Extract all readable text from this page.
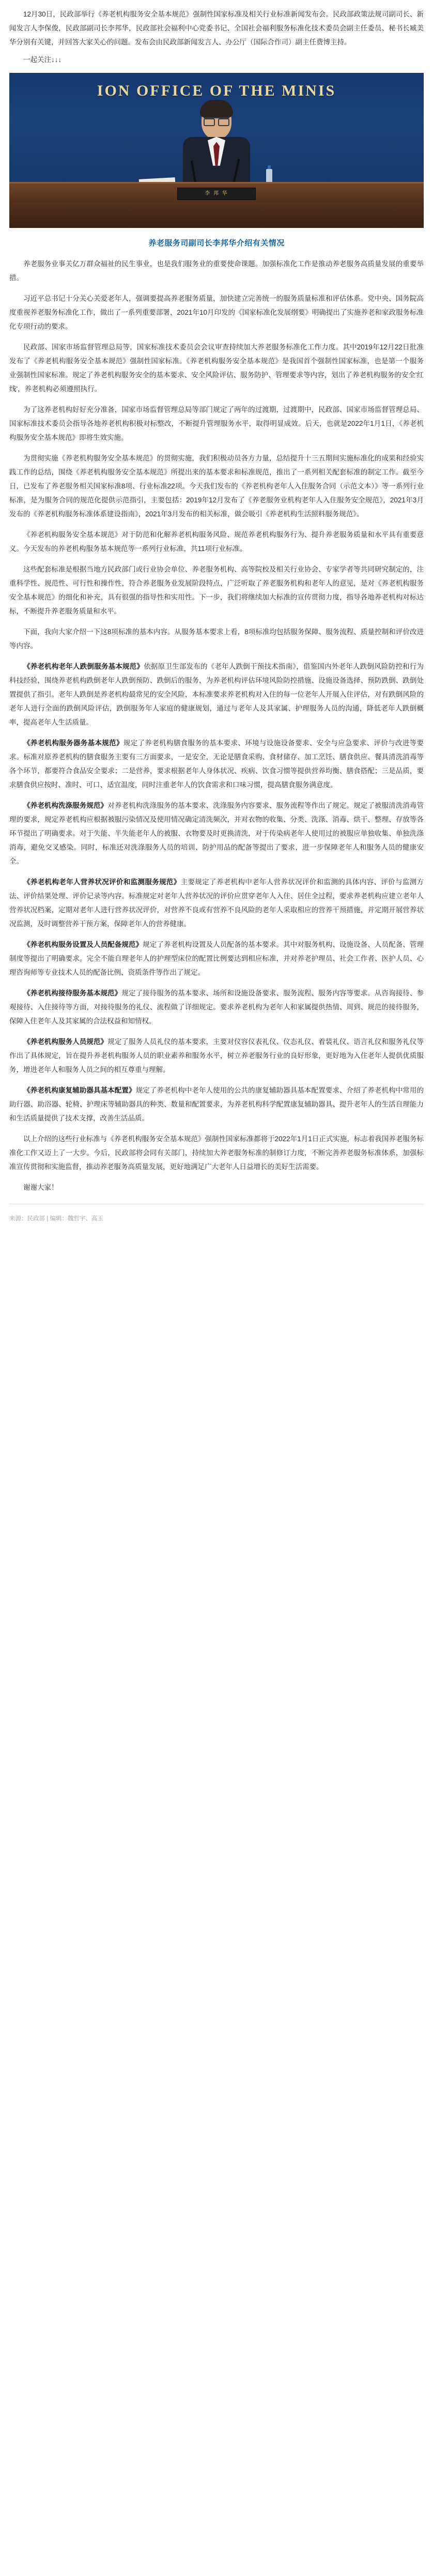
12月30日，民政部举行《养老机构服务安全基本规范》强制性国家标准及相关行业标准新闻发布会。民政部政策法规司副司长、新闻发言人李保俊，民政部副司长李邦华，民政部社会福利中心党委书记、全国社会福利服务标准化技术委员会副主任委员、秘书长臧美华分别有关键，并回答大家关心的问题。发布会由民政部新闻发言人、办公厅（国际合作司）副主任费博主持。

一起关注↓↓↓
ION OFFICE OF THE MINIS
李 邦 华
养老服务司副司长李邦华介绍有关情况

养老服务业事关亿万群众福祉的民生事业，也是我们服务业的重要使命课题。加强标准化工作是推动养老服务高质量发展的重要举措。

习近平总书记十分关心关爱老年人，强调要提高养老服务质量，加快建立完善统一的服务质量标准和评估体系。党中央、国务院高度重视养老服务标准化工作，做出了一系列重要部署，2021年10月印发的《国家标准化发展纲要》明确提出了实施养老和家政服务标准化专项行动的要求。

民政部、国家市场监督管理总局等，国家标准技术委员会会议审查持续加大养老服务标准化工作力度。其中2019年12月22日批准发布了《养老机构服务安全基本规范》强制性国家标准。《养老机构服务安全基本规范》是我国首个强制性国家标准，也是第一个服务业强制性国家标准。规定了养老机构服务安全的基本要求、安全风险评估、服务防护、管理要求等内容，划出了养老机构服务的安全'红线'，养老机构必须遵照执行。

为了这养老机构好好充分准备，国家市场监督管理总局等部门规定了两年的过渡期，过渡期中，民政部、国家市场监督管理总局、国家标准技术委员会指导各地养老机构积极对标整改，不断提升管理服务水平，取得明显成效。后天，也就是2022年1月1日，《养老机构服务安全基本规范》即将生效实施。

为贯彻实施《养老机构服务安全基本规范》的贯彻实施，我们积极动员各方力量，总结提升十三五期间实施标准化的成果和经验实践工作的总结，围绕《养老机构服务安全基本规范》所提出来的基本要求和标准规范，推出了一系列相关配套标准的制定工作。截至今日，已发布了养老服务相关国家标准8项、行业标准22项。今天我们发布的《养老机构老年人入住服务合同（示范文本）》等一系列行业标准，是为服务合同的规范化提供示范指引，主要包括：2019年12月发布了《养老服务业机构老年人入住服务安全规范》，2021年3月发布的《养老机构服务标准体系建设指南》，2021年3月发布的相关标准，做会吸引《养老机构生活照料服务规范》。

《养老机构服务安全基本规范》对于防范和化解养老机构服务风险、规范养老机构服务行为、提升养老服务质量和水平具有重要意义。今天发布的养老机构服务基本规范等一系列行业标准，共11项行业标准。

这些配套标准是根据当地方民政部门或行业协会单位、养老服务机构、高等院校及相关行业协会、专家学者等共同研究制定的，注重科学性、规范性、可行性和操作性，符合养老服务业发展阶段特点，广泛听取了养老服务机构和老年人的意见，是对《养老机构服务安全基本规范》的细化和补充，具有很强的指导性和实用性。下一步，我们将继续加大标准的宣传贯彻力度，指导各地养老机构对标达标，不断提升养老服务质量和水平。

下面，我向大家介绍一下这8项标准的基本内容。从服务基本要求上看，8项标准均包括服务保障、服务流程、质量控制和评价改进等内容。

《养老机构老年人跌倒服务基本规范》依据原卫生部发布的《老年人跌倒干预技术指南》，借鉴国内外老年人跌倒风险防控和行为科技经验，围绕养老机构跌倒老年人跌倒预防、跌倒后的服务，为养老机构评估环境风险防控措施、设施设备选择、预防跌倒、跌倒处置提供了指引。老年人跌倒是养老机构最常见的安全风险，本标准要求养老机构对入住的每一位老年人开展入住评估，对有跌倒风险的老年人进行全面的跌倒风险评估，跌倒服务年人家庭的健康规划，通过与老年人及其家属、护理服务人员的沟通，降低老年人跌倒概率，提高老年人生活质量。

《养老机构服务器务基本规范》规定了养老机构膳食服务的基本要求、环境与设施设备要求、安全与应急要求、评价与改进等要求。标准对原养老机构的膳食服务主要有三方面要求，一是安全，无论是膳食采购、食材储存、加工烹饪、膳食供应、餐具清洗消毒等各个环节，都要符合食品安全要求；二是营养，要求根据老年人身体状况、疾病、饮食习惯等提供营养均衡、膳食搭配；三是品质，要求膳食供应按时、准时、可口、适宜温度，同时注重老年人的饮食需求和口味习惯，提高膳食服务满意度。

《养老机构洗涤服务规范》对养老机构洗涤服务的基本要求、洗涤服务内容要求、服务流程等作出了规定。规定了被服清洗消毒管理的要求，规定养老机构应根据被服污染情况及使用情况确定清洗频次，并对衣物的收集、分类、洗涤、消毒、烘干、整理、存放等各环节提出了明确要求。对于失能、半失能老年人的被服、衣物要及时更换清洗，对于传染病老年人使用过的被服应单独收集、单独洗涤消毒，避免交叉感染。同时，标准还对洗涤服务人员的培训、防护用品的配备等提出了要求，进一步保障老年人和服务人员的健康安全。

《养老机构老年人营养状况评价和监测服务规范》主要规定了养老机构中老年人营养状况评价和监测的具体内容、评价与监测方法、评价结果处理、评价记录等内容。标准规定对老年人营养状况的评价应贯穿老年人入住、居住全过程，要求养老机构应建立老年人营养状况档案，定期对老年人进行营养状况评价，对营养不良或有营养不良风险的老年人采取相应的营养干预措施，并定期开展营养状况监测，及时调整营养干预方案，保障老年人的营养健康。

《养老机构服务设置及人员配备规范》规定了养老机构设置及人员配备的基本要求。其中对服务机构、设施设备、人员配备、管理制度等提出了明确要求。完全不能自理老年人的护理型床位的配置比例要达到相应标准，并对养老护理员、社会工作者、医护人员、心理咨询师等专业技术人员的配备比例、资质条件等作出了规定。

《养老机构接待服务基本规范》规定了接待服务的基本要求、场所和设施设备要求、服务流程、服务内容等要求。从咨询接待、参观接待、入住接待等方面，对接待服务的礼仪、流程做了详细规定。要求养老机构为老年人和家属提供热情、周到、规范的接待服务，保障入住老年人及其家属的合法权益和知情权。

《养老机构服务人员规范》规定了服务人员礼仪的基本要求，主要对仪容仪表礼仪、仪态礼仪、着装礼仪、语言礼仪和服务礼仪等作出了具体规定，旨在提升养老机构服务人员的职业素养和服务水平，树立养老服务行业的良好形象，更好地为入住老年人提供优质服务，增进老年人和服务人员之间的相互尊重与理解。

《养老机构康复辅助器具基本配置》规定了养老机构中老年人使用的公共的康复辅助器具基本配置要求、介绍了养老机构中常用的助行器、助浴器、轮椅、护理床等辅助器具的种类、数量和配置要求，为养老机构科学配置康复辅助器具、提升老年人的生活自理能力和生活质量提供了技术支撑，改善生活品质。

以上介绍的这些行业标准与《养老机构服务安全基本规范》强制性国家标准都将于2022年1月1日正式实施，标志着我国养老服务标准化工作又迈上了一大步。今后，民政部将会同有关部门，持续加大养老服务标准的制修订力度，不断完善养老服务标准体系，加强标准宣传贯彻和实施监督，推动养老服务高质量发展，更好地满足广大老年人日益增长的美好生活需要。

谢谢大家！

来源：民政部 | 编辑：魏哲宇、高玉
